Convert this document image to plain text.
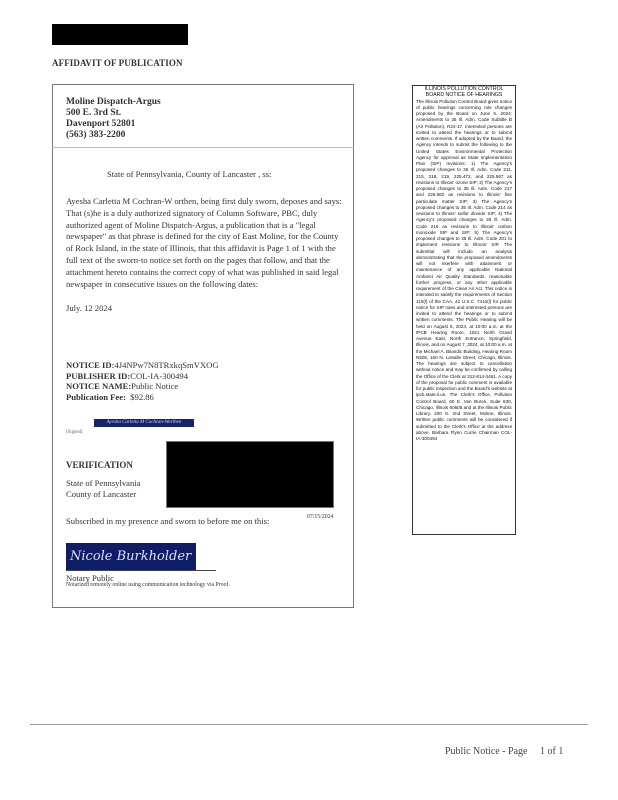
AFFIDAVIT OF PUBLICATION
Moline Dispatch-Argus
500 E. 3rd St.
Davenport 52801
(563) 383-2200
State of Pennsylvania, County of Lancaster , ss:
Ayesha Carletta M Cochran-W orthen, being first duly sworn, deposes and says: That (s)he is a duly authorized signatory of Column Software, PBC, duly authorized agent of Moline Dispatch-Argus, a publication that is a "legal newspaper" as that phrase is defined for the city of East Moline, for the County of Rock Island, in the state of Illinois, that this affidavit is Page 1 of 1 with the full text of the sworn-to notice set forth on the pages that follow, and that the attachment hereto contains the correct copy of what was published in said legal newspaper in consecutive issues on the following dates:
July. 12 2024
NOTICE ID:4J4NPw7N8TRxkqSmVXOG
PUBLISHER ID:COL-IA-300494
NOTICE NAME:Public Notice
Publication Fee: $92.86
Ayesha Carletta M Cochran-Worthen
(Signed)
VERIFICATION
State of Pennsylvania
County of Lancaster
Subscribed in my presence and sworn to before me on this:	07/15/2024
Nicole Burkholder
Notary Public
Notarized remotely online using communication technology via Proof.
ILLINOIS POLLUTION CONTROL BOARD NOTICE OF HEARINGS
The Illinois Pollution Control Board gives notice of public hearings concerning rule changes proposed by the Board on June 6, 2024: Amendments to 35 Ill. Adm. Code Subtitle B (Air Pollution), R24-17. Interested persons are invited to attend the hearings or to submit written comments. If adopted by the Board, the Agency intends to submit the following to the United States Environmental Protection Agency for approval as State Implementation Plan (SIP) revisions: 1) The Agency's proposed changes to 35 Ill. Adm. Code 211, 215, 218, 219, 225.472, and 225.567 as revisions to Illinois' ozone SIP; 2) The Agency's proposed changes to 35 Ill. Adm. Code 217 and 225.582 as revisions to Illinois' fine particulate matter SIP; 3) The Agency's proposed changes to 35 Ill. Adm. Code 214 as revisions to Illinois' sulfur dioxide SIP; 4) The Agency's proposed changes to 35 Ill. Adm. Code 216 as revisions to Illinois' carbon monoxide SIP and SIP; 5) The Agency's proposed changes to 35 Ill. Adm. Code 201 to implement revisions to Illinois' SIP. The submittal will include an analysis demonstrating that the proposed amendments will not interfere with attainment or maintenance of any applicable National Ambient Air Quality Standards, reasonable further progress, or any other applicable requirement of the Clean Air Act. This notice is intended to satisfy the requirements of Section 110(l) of the CAA, 42 U.S.C. 7410(l) for public notice for SIP rules and interested persons are invited to attend the hearings or to submit written comments. The Public Hearing will be held on August 6, 2024, at 10:00 a.m. at the IPCB Hearing Room, 1021 North Grand Avenue East, North Entrance, Springfield, Illinois, and on August 7, 2024, at 10:00 a.m. at the Michael A. Bilandic Building, Hearing Room N505, 160 N. LaSalle Street, Chicago, Illinois. The hearings are subject to cancellation without notice and may be confirmed by calling the Office of the Clerk at 312-814-3461. A copy of the proposal for public comment is available for public inspection and the Board's website at ipcb.state.il.us. The Clerk's Office, Pollution Control Board, 60 E. Van Buren, Suite 630, Chicago, Illinois 60605 and at the Illinois Public Library, 200 S. 2nd Street, Moline, Illinois. Written public comments will be considered if submitted to the Clerk's Office at the address above. Barbara Flynn Currie Chairman COL-IA-300494
Public Notice - Page 1 of 1
